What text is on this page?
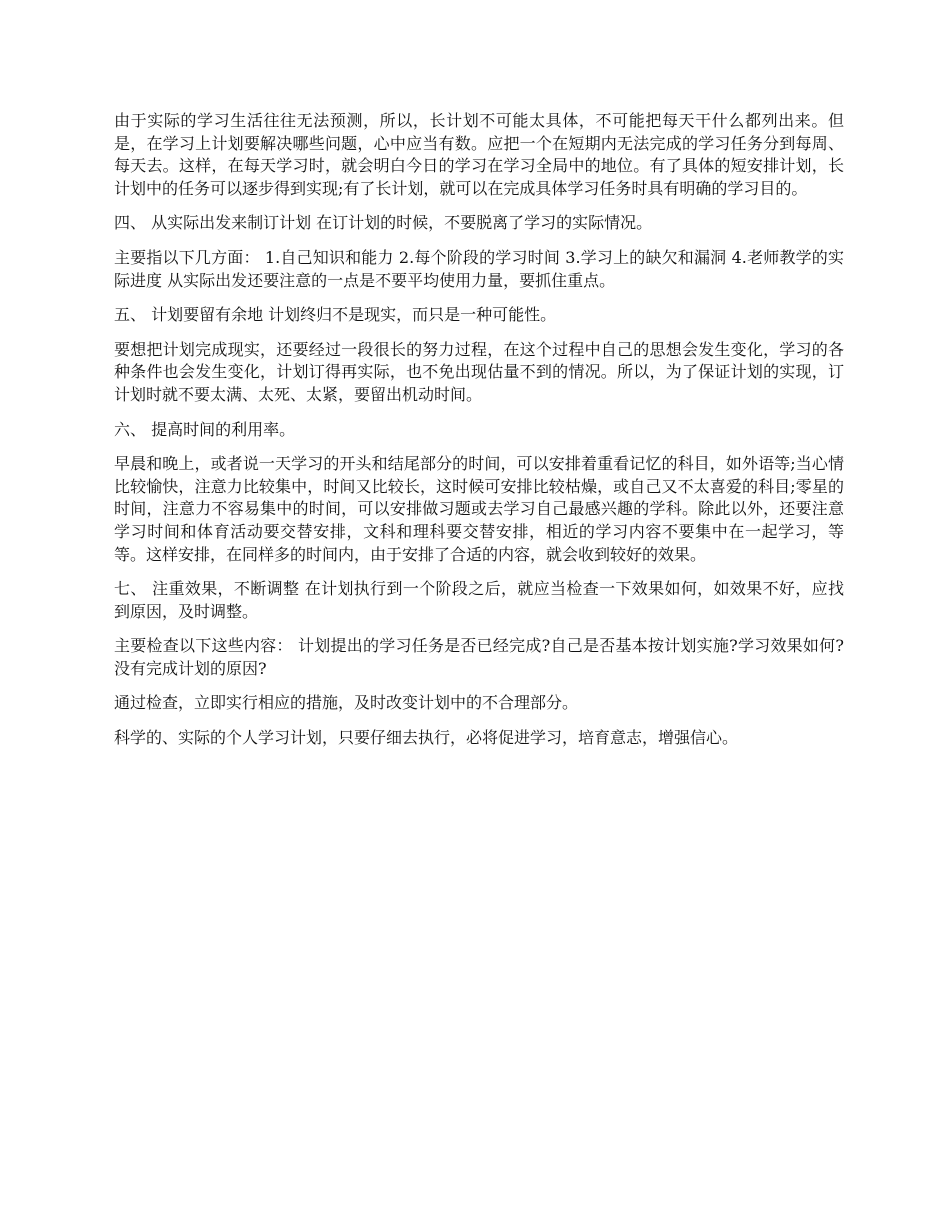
由于实际的学习生活往往无法预测，所以，长计划不可能太具体，不可能把每天干什么都列出来。但是，在学习上计划要解决哪些问题，心中应当有数。应把一个在短期内无法完成的学习任务分到每周、每天去。这样，在每天学习时，就会明白今日的学习在学习全局中的地位。有了具体的短安排计划，长计划中的任务可以逐步得到实现;有了长计划，就可以在完成具体学习任务时具有明确的学习目的。

四、 从实际出发来制订计划 在订计划的时候，不要脱离了学习的实际情况。

主要指以下几方面： 1.自己知识和能力 2.每个阶段的学习时间 3.学习上的缺欠和漏洞 4.老师教学的实际进度 从实际出发还要注意的一点是不要平均使用力量，要抓住重点。

五、 计划要留有余地 计划终归不是现实，而只是一种可能性。

要想把计划完成现实，还要经过一段很长的努力过程，在这个过程中自己的思想会发生变化，学习的各种条件也会发生变化，计划订得再实际，也不免出现估量不到的情况。所以，为了保证计划的实现，订计划时就不要太满、太死、太紧，要留出机动时间。

六、 提高时间的利用率。

早晨和晚上，或者说一天学习的开头和结尾部分的时间，可以安排着重看记忆的科目，如外语等;当心情比较愉快，注意力比较集中，时间又比较长，这时候可安排比较枯燥，或自己又不太喜爱的科目;零星的时间，注意力不容易集中的时间，可以安排做习题或去学习自己最感兴趣的学科。除此以外，还要注意学习时间和体育活动要交替安排，文科和理科要交替安排，相近的学习内容不要集中在一起学习，等等。这样安排，在同样多的时间内，由于安排了合适的内容，就会收到较好的效果。

七、 注重效果，不断调整 在计划执行到一个阶段之后，就应当检查一下效果如何，如效果不好，应找到原因，及时调整。

主要检查以下这些内容： 计划提出的学习任务是否已经完成?自己是否基本按计划实施?学习效果如何?没有完成计划的原因?

通过检查，立即实行相应的措施，及时改变计划中的不合理部分。

科学的、实际的个人学习计划，只要仔细去执行，必将促进学习，培育意志，增强信心。
